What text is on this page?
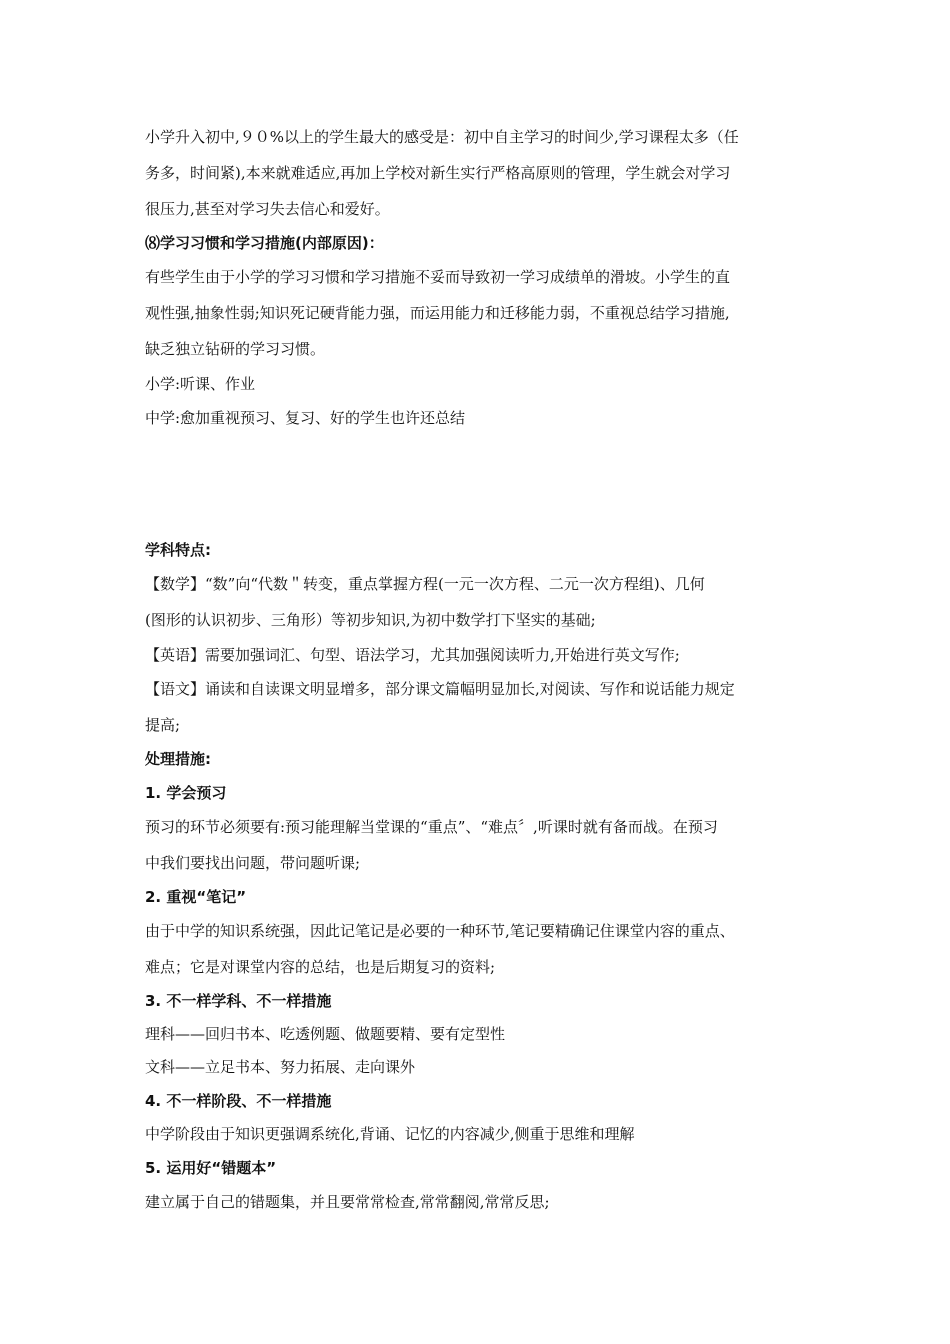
小学升入初中,９０%以上的学生最大的感受是：初中自主学习的时间少,学习课程太多（任
务多，时间紧),本来就难适应,再加上学校对新生实行严格高原则的管理，学生就会对学习
很压力,甚至对学习失去信心和爱好。
⑻学习习惯和学习措施(内部原因)：
有些学生由于小学的学习习惯和学习措施不妥而导致初一学习成绩单的滑坡。小学生的直
观性强,抽象性弱;知识死记硬背能力强，而运用能力和迁移能力弱，不重视总结学习措施,
缺乏独立钻研的学习习惯。
小学:听课、作业
中学:愈加重视预习、复习、好的学生也许还总结
学科特点:
【数学】“数”向“代数＂转变，重点掌握方程(一元一次方程、二元一次方程组)、几何
(图形的认识初步、三角形）等初步知识,为初中数学打下坚实的基础;
【英语】需要加强词汇、句型、语法学习，尤其加强阅读听力,开始进行英文写作;
【语文】诵读和自读课文明显增多，部分课文篇幅明显加长,对阅读、写作和说话能力规定
提高;
处理措施:
1. 学会预习
预习的环节必须要有:预习能理解当堂课的“重点”、“难点〞,听课时就有备而战。在预习
中我们要找出问题，带问题听课;
2. 重视“笔记”
由于中学的知识系统强，因此记笔记是必要的一种环节,笔记要精确记住课堂内容的重点、
难点；它是对课堂内容的总结，也是后期复习的资料;
3. 不一样学科、不一样措施
理科——回归书本、吃透例题、做题要精、要有定型性
文科——立足书本、努力拓展、走向课外
4. 不一样阶段、不一样措施
中学阶段由于知识更强调系统化,背诵、记忆的内容减少,侧重于思维和理解
5. 运用好“错题本”
建立属于自己的错题集，并且要常常检查,常常翻阅,常常反思;
